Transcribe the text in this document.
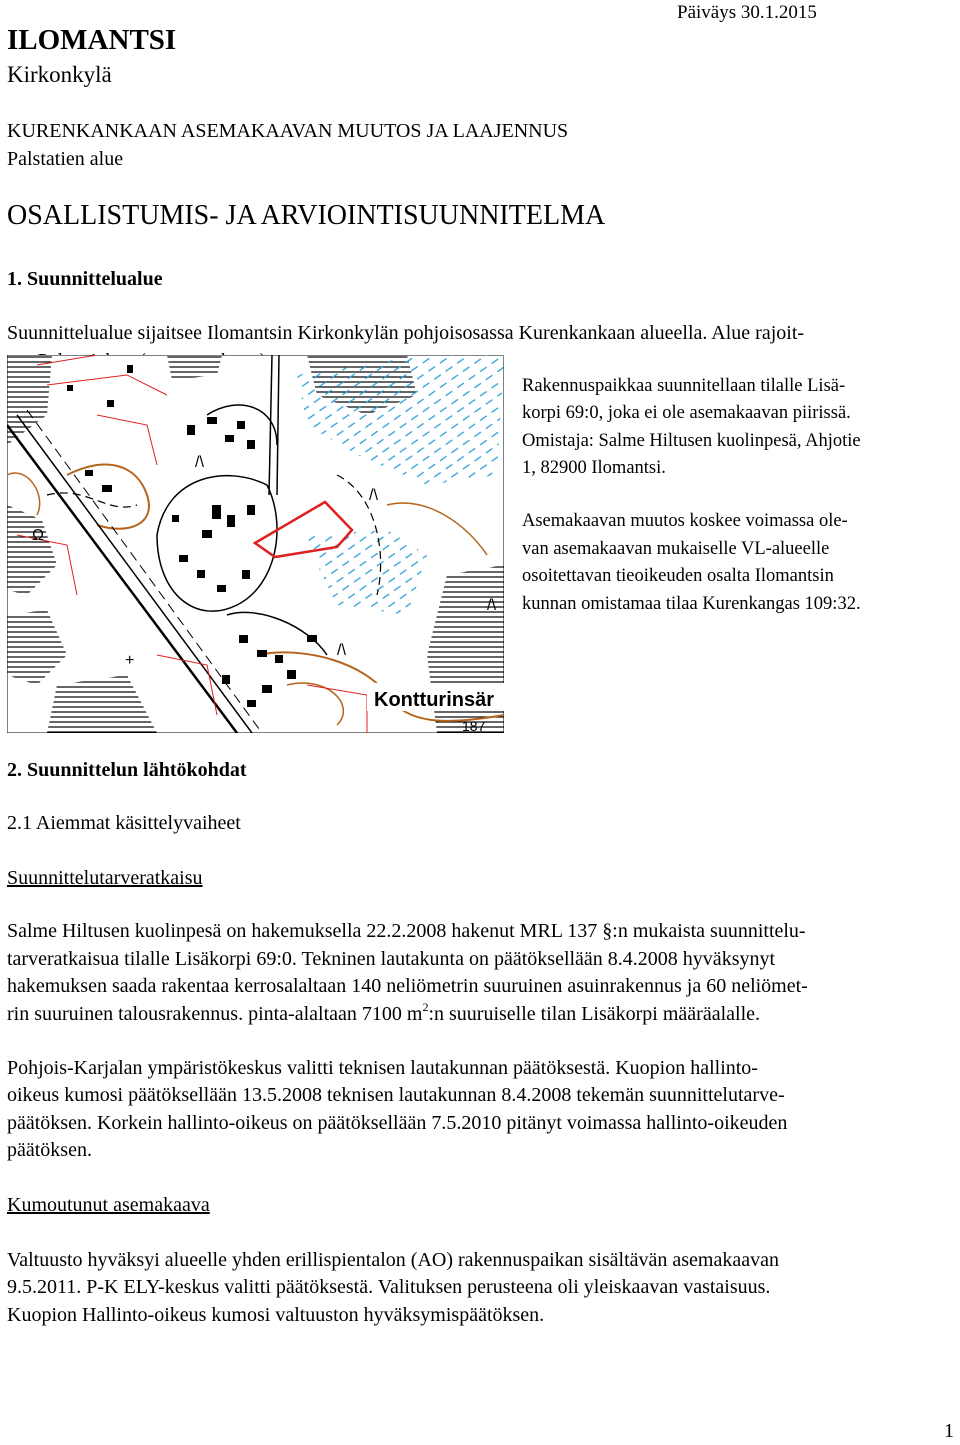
Päiväys 30.1.2015
ILOMANTSI
Kirkonkylä
KURENKANKAAN ASEMAKAAVAN MUUTOS JA LAAJENNUS
Palstatien alue
OSALLISTUMIS- JA ARVIOINTISUUNNITELMA
1. Suunnittelualue
Suunnittelualue sijaitsee Ilomantsin Kirkonkylän pohjoisosassa Kurenkankaan alueella. Alue rajoit-
/\
/\
/\
/\
+
Ω
Kontturinsär
187
Rakennuspaikkaa suunnitellaan tilalle Lisä-
korpi 69:0, joka ei ole asemakaavan piirissä.
Omistaja: Salme Hiltusen kuolinpesä, Ahjotie
1, 82900 Ilomantsi.
Asemakaavan muutos koskee voimassa ole-
van asemakaavan mukaiselle VL-alueelle
osoitettavan tieoikeuden osalta Ilomantsin
kunnan omistamaa tilaa Kurenkangas 109:32.
2. Suunnittelun lähtökohdat
2.1 Aiemmat käsittelyvaiheet
Suunnittelutarveratkaisu
Salme Hiltusen kuolinpesä on hakemuksella 22.2.2008 hakenut MRL 137 §:n mukaista suunnittelu-
tarveratkaisua tilalle Lisäkorpi 69:0. Tekninen lautakunta on päätöksellään 8.4.2008 hyväksynyt
hakemuksen saada rakentaa kerrosalaltaan 140 neliömetrin suuruinen asuinrakennus ja 60 neliömet-
rin suuruinen talousrakennus. pinta-alaltaan 7100 $m^2:n$ suuruiselle tilan Lisäkorpi määräalalle.
Pohjois-Karjalan ympäristökeskus valitti teknisen lautakunnan päätöksestä. Kuopion hallinto-
oikeus kumosi päätöksellään 13.5.2008 teknisen lautakunnan 8.4.2008 tekemän suunnittelutarve-
päätöksen. Korkein hallinto-oikeus on päätöksellään 7.5.2010 pitänyt voimassa hallinto-oikeuden
päätöksen.
Kumoutunut asemakaava
Valtuusto hyväksyi alueelle yhden erillispientalon (AO) rakennuspaikan sisältävän asemakaavan
9.5.2011. P-K ELY-keskus valitti päätöksestä. Valituksen perusteena oli yleiskaavan vastaisuus.
Kuopion Hallinto-oikeus kumosi valtuuston hyväksymispäätöksen.
1
